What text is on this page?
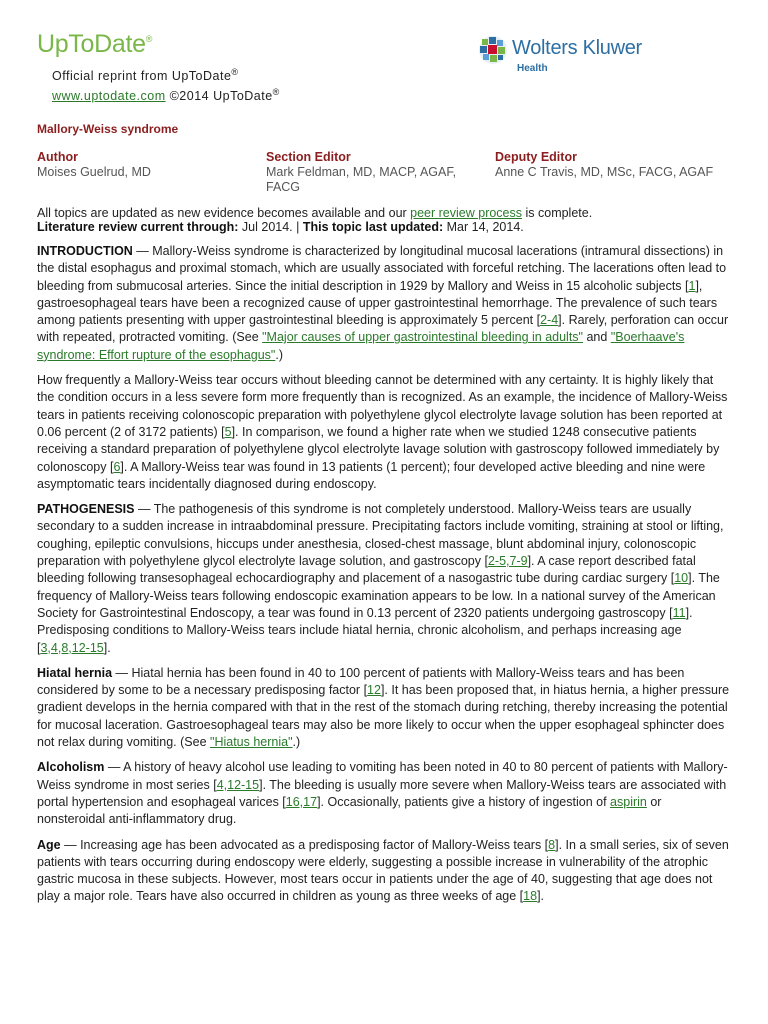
UpToDate®
Official reprint from UpToDate®
www.uptodate.com ©2014 UpToDate®
Wolters Kluwer
Health
Mallory-Weiss syndrome
Author
Moises Guelrud, MD
Section Editor
Mark Feldman, MD, MACP, AGAF, FACG
Deputy Editor
Anne C Travis, MD, MSc, FACG, AGAF

All topics are updated as new evidence becomes available and our peer review process is complete.
Literature review current through: Jul 2014. | This topic last updated: Mar 14, 2014.

INTRODUCTION — Mallory-Weiss syndrome is characterized by longitudinal mucosal lacerations (intramural dissections) in the distal esophagus and proximal stomach, which are usually associated with forceful retching. The lacerations often lead to bleeding from submucosal arteries. Since the initial description in 1929 by Mallory and Weiss in 15 alcoholic subjects [1], gastroesophageal tears have been a recognized cause of upper gastrointestinal hemorrhage. The prevalence of such tears among patients presenting with upper gastrointestinal bleeding is approximately 5 percent [2-4]. Rarely, perforation can occur with repeated, protracted vomiting. (See "Major causes of upper gastrointestinal bleeding in adults" and "Boerhaave's syndrome: Effort rupture of the esophagus".)

How frequently a Mallory-Weiss tear occurs without bleeding cannot be determined with any certainty. It is highly likely that the condition occurs in a less severe form more frequently than is recognized. As an example, the incidence of Mallory-Weiss tears in patients receiving colonoscopic preparation with polyethylene glycol electrolyte lavage solution has been reported at 0.06 percent (2 of 3172 patients) [5]. In comparison, we found a higher rate when we studied 1248 consecutive patients receiving a standard preparation of polyethylene glycol electrolyte lavage solution with gastroscopy followed immediately by colonoscopy [6]. A Mallory-Weiss tear was found in 13 patients (1 percent); four developed active bleeding and nine were asymptomatic tears incidentally diagnosed during endoscopy.

PATHOGENESIS — The pathogenesis of this syndrome is not completely understood. Mallory-Weiss tears are usually secondary to a sudden increase in intraabdominal pressure. Precipitating factors include vomiting, straining at stool or lifting, coughing, epileptic convulsions, hiccups under anesthesia, closed-chest massage, blunt abdominal injury, colonoscopic preparation with polyethylene glycol electrolyte lavage solution, and gastroscopy [2-5,7-9]. A case report described fatal bleeding following transesophageal echocardiography and placement of a nasogastric tube during cardiac surgery [10]. The frequency of Mallory-Weiss tears following endoscopic examination appears to be low. In a national survey of the American Society for Gastrointestinal Endoscopy, a tear was found in 0.13 percent of 2320 patients undergoing gastroscopy [11]. Predisposing conditions to Mallory-Weiss tears include hiatal hernia, chronic alcoholism, and perhaps increasing age [3,4,8,12-15].

Hiatal hernia — Hiatal hernia has been found in 40 to 100 percent of patients with Mallory-Weiss tears and has been considered by some to be a necessary predisposing factor [12]. It has been proposed that, in hiatus hernia, a higher pressure gradient develops in the hernia compared with that in the rest of the stomach during retching, thereby increasing the potential for mucosal laceration. Gastroesophageal tears may also be more likely to occur when the upper esophageal sphincter does not relax during vomiting. (See "Hiatus hernia".)

Alcoholism — A history of heavy alcohol use leading to vomiting has been noted in 40 to 80 percent of patients with Mallory-Weiss syndrome in most series [4,12-15]. The bleeding is usually more severe when Mallory-Weiss tears are associated with portal hypertension and esophageal varices [16,17]. Occasionally, patients give a history of ingestion of aspirin or nonsteroidal anti-inflammatory drug.

Age — Increasing age has been advocated as a predisposing factor of Mallory-Weiss tears [8]. In a small series, six of seven patients with tears occurring during endoscopy were elderly, suggesting a possible increase in vulnerability of the atrophic gastric mucosa in these subjects. However, most tears occur in patients under the age of 40, suggesting that age does not play a major role. Tears have also occurred in children as young as three weeks of age [18].
